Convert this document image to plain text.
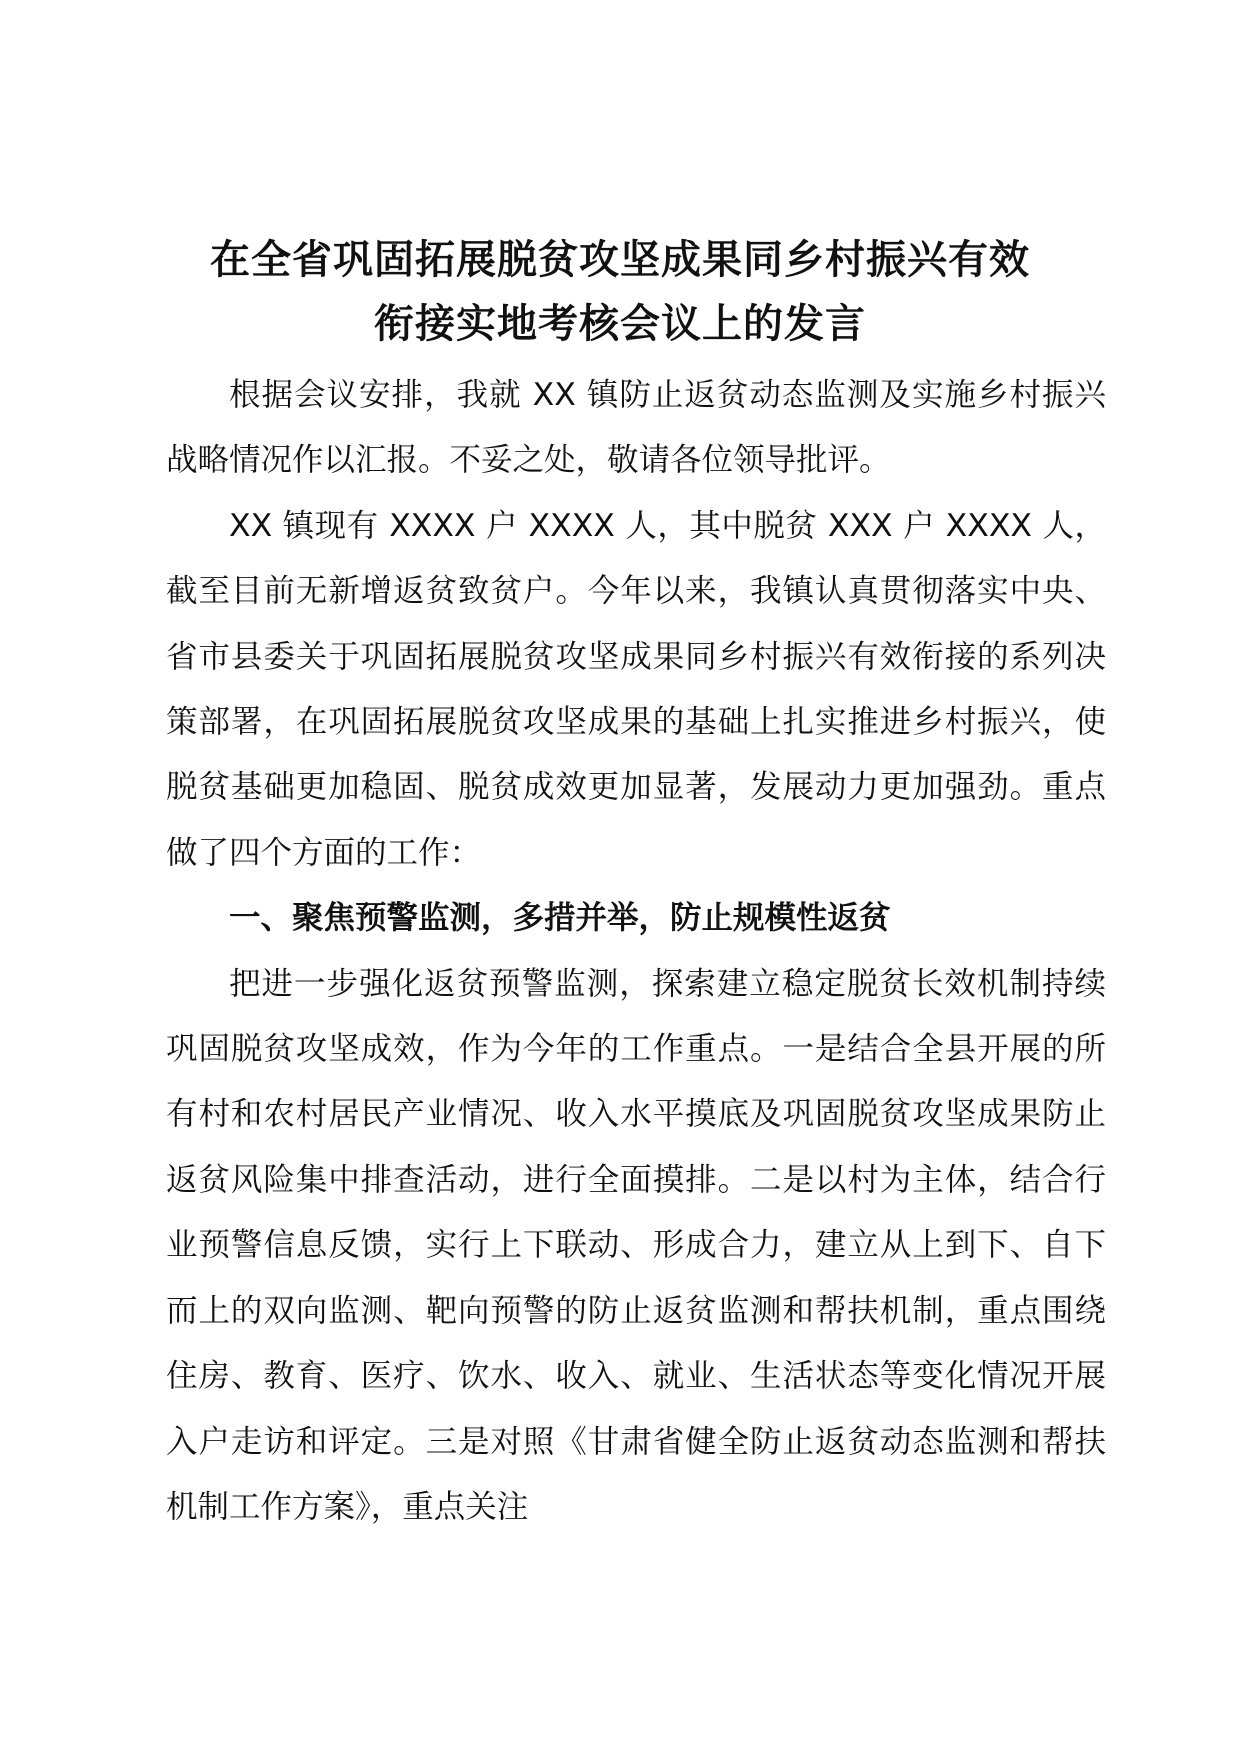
在全省巩固拓展脱贫攻坚成果同乡村振兴有效
衔接实地考核会议上的发言

根据会议安排，我就 XX 镇防止返贫动态监测及实施乡村振兴战略情况作以汇报。不妥之处，敬请各位领导批评。

XX 镇现有 XXXX 户 XXXX 人，其中脱贫 XXX 户 XXXX 人，截至目前无新增返贫致贫户。今年以来，我镇认真贯彻落实中央、省市县委关于巩固拓展脱贫攻坚成果同乡村振兴有效衔接的系列决策部署，在巩固拓展脱贫攻坚成果的基础上扎实推进乡村振兴，使脱贫基础更加稳固、脱贫成效更加显著，发展动力更加强劲。重点做了四个方面的工作：

一、聚焦预警监测，多措并举，防止规模性返贫

把进一步强化返贫预警监测，探索建立稳定脱贫长效机制持续巩固脱贫攻坚成效，作为今年的工作重点。一是结合全县开展的所有村和农村居民产业情况、收入水平摸底及巩固脱贫攻坚成果防止返贫风险集中排查活动，进行全面摸排。二是以村为主体，结合行业预警信息反馈，实行上下联动、形成合力，建立从上到下、自下而上的双向监测、靶向预警的防止返贫监测和帮扶机制，重点围绕住房、教育、医疗、饮水、收入、就业、生活状态等变化情况开展入户走访和评定。三是对照《甘肃省健全防止返贫动态监测和帮扶机制工作方案》，重点关注
